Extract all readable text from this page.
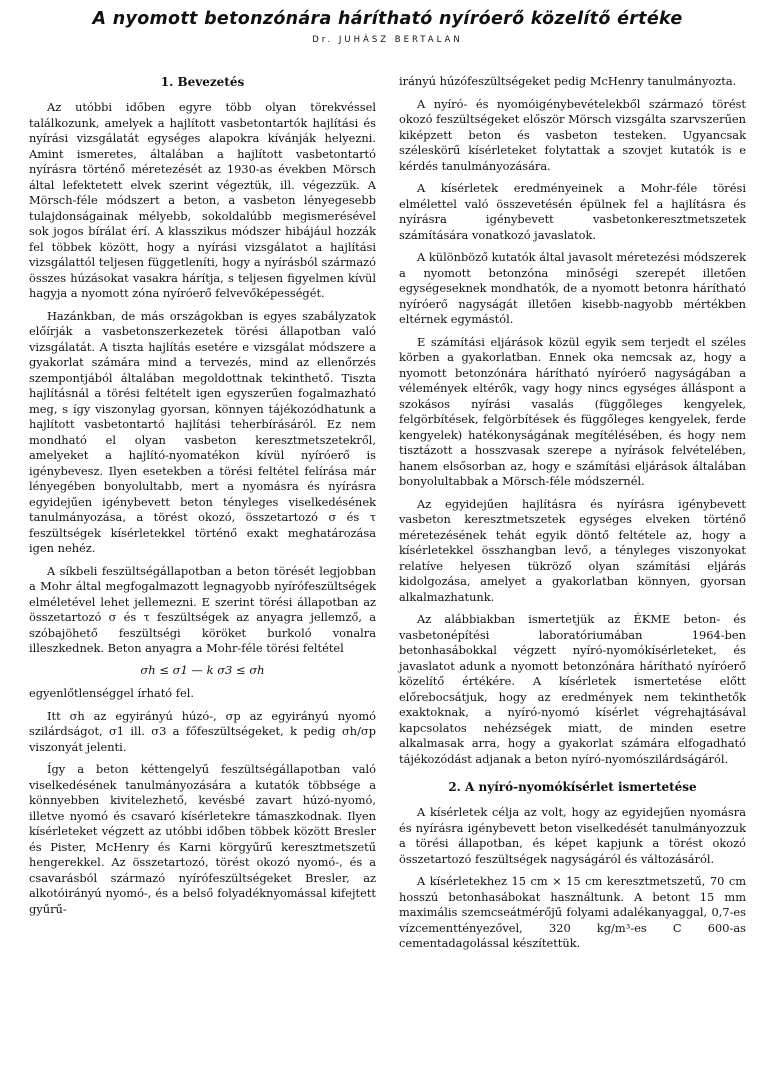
A nyomott betonzónára hárítható nyíróerő közelítő értéke
Dr. JUHÁSZ BERTALAN
1. Bevezetés

Az utóbbi időben egyre több olyan törekvéssel találkozunk, amelyek a hajlított vasbetontartók hajlítási és nyírási vizsgálatát egységes alapokra kívánják helyezni. Amint ismeretes, általában a hajlított vasbetontartó nyírásra történő méretezését az 1930-as években Mörsch által lefektetett elvek szerint végeztük, ill. végezzük. A Mörsch-féle módszert a beton, a vasbeton lényegesebb tulajdonságainak mélyebb, sokoldalúbb megismerésével sok jogos bírálat érí. A klasszikus módszer hibájául hozzák fel többek között, hogy a nyírási vizsgálatot a hajlítási vizsgálattól teljesen függetleníti, hogy a nyírásból származó összes húzásokat vasakra hárítja, s teljesen figyelmen kívül hagyja a nyomott zóna nyíróerő felvevőképességét.

Hazánkban, de más országokban is egyes szabályzatok előírják a vasbetonszerkezetek törési állapotban való vizsgálatát. A tiszta hajlítás esetére e vizsgálat módszere a gyakorlat számára mind a tervezés, mind az ellenőrzés szempontjából általában megoldottnak tekinthető. Tiszta hajlításnál a törési feltételt igen egyszerűen fogalmazható meg, s így viszonylag gyorsan, könnyen tájékozódhatunk a hajlított vasbetontartó hajlítási teherbírásáról. Ez nem mondható el olyan vasbeton keresztmetszetekről, amelyeket a hajlító-nyomatékon kívül nyíróerő is igénybevesz. Ilyen esetekben a törési feltétel felírása már lényegében bonyolultabb, mert a nyomásra és nyírásra egyidejűen igénybevett beton tényleges viselkedésének tanulmányozása, a törést okozó, összetartozó σ és τ feszültségek kísérletekkel történő exakt meghatározása igen nehéz.

A síkbeli feszültségállapotban a beton törését legjobban a Mohr által megfogalmazott legnagyobb nyírófeszültségek elméletével lehet jellemezni. E szerint törési állapotban az összetartozó σ és τ feszültségek az anyagra jellemző, a szóbajöhető feszültségi köröket burkoló vonalra illeszkednek. Beton anyagra a Mohr-féle törési feltétel

σh ≤ σ1 — k σ3 ≤ σh

egyenlőtlenséggel írható fel.

Itt σh az egyirányú húzó-, σp az egyirányú nyomó szilárdságot, σ1 ill. σ3 a főfeszültségeket, k pedig σh/σp viszonyát jelenti.

Így a beton kéttengelyű feszültségállapotban való viselkedésének tanulmányozására a kutatók többsége a könnyebben kivitelezhető, kevésbé zavart húzó-nyomó, illetve nyomó és csavaró kísérletekre támaszkodnak. Ilyen kísérleteket végzett az utóbbi időben többek között Bresler és Pister, McHenry és Karni körgyűrű keresztmetszetű hengerekkel. Az összetartozó, törést okozó nyomó-, és a csavarásból származó nyírófeszültségeket Bresler, az alkotóirányú nyomó-, és a belső folyadéknyomással kifejtett gyűrű-

irányú húzófeszültségeket pedig McHenry tanulmányozta.

A nyíró- és nyomóigénybevételekből származó törést okozó feszültségeket először Mörsch vizsgálta szarvszerűen kiképzett beton és vasbeton testeken. Ugyancsak széleskörű kísérleteket folytattak a szovjet kutatók is e kérdés tanulmányozására.

A kísérletek eredményeinek a Mohr-féle törési elmélettel való összevetésén épülnek fel a hajlításra és nyírásra igénybevett vasbetonkeresztmetszetek számítására vonatkozó javaslatok.

A különböző kutatók által javasolt méretezési módszerek a nyomott betonzóna minőségi szerepét illetően egységeseknek mondhatók, de a nyomott betonra hárítható nyíróerő nagyságát illetően kisebb-nagyobb mértékben eltérnek egymástól.

E számítási eljárások közül egyik sem terjedt el széles körben a gyakorlatban. Ennek oka nemcsak az, hogy a nyomott betonzónára hárítható nyíróerő nagyságában a vélemények eltérők, vagy hogy nincs egységes álláspont a szokásos nyírási vasalás (függőleges kengyelek, felgörbítések, felgörbítések és függőleges kengyelek, ferde kengyelek) hatékonyságának megítélésében, és hogy nem tisztázott a hosszvasak szerepe a nyírások felvételében, hanem elsősorban az, hogy e számítási eljárások általában bonyolultabbak a Mörsch-féle módszernél.

Az egyidejűen hajlításra és nyírásra igénybevett vasbeton keresztmetszetek egységes elveken történő méretezésének tehát egyik döntő feltétele az, hogy a kísérletekkel összhangban levő, a tényleges viszonyokat relatíve helyesen tükröző olyan számítási eljárás kidolgozása, amelyet a gyakorlatban könnyen, gyorsan alkalmazhatunk.

Az alábbiakban ismertetjük az ÉKME beton- és vasbetonépítési laboratóriumában 1964-ben betonhasábokkal végzett nyíró-nyomókísérleteket, és javaslatot adunk a nyomott betonzónára hárítható nyíróerő közelítő értékére. A kísérletek ismertetése előtt előrebocsátjuk, hogy az eredmények nem tekinthetők exaktoknak, a nyíró-nyomó kísérlet végrehajtásával kapcsolatos nehézségek miatt, de minden esetre alkalmasak arra, hogy a gyakorlat számára elfogadható tájékozódást adjanak a beton nyíró-nyomószilárdságáról.

2. A nyíró-nyomókísérlet ismertetése

A kísérletek célja az volt, hogy az egyidejűen nyomásra és nyírásra igénybevett beton viselkedését tanulmányozzuk a törési állapotban, és képet kapjunk a törést okozó összetartozó feszültségek nagyságáról és változásáról.

A kísérletekhez 15 cm × 15 cm keresztmetszetű, 70 cm hosszú betonhasábokat használtunk. A betont 15 mm maximális szemcseátmérőjű folyami adalékanyaggal, 0,7-es vízcementtényezővel, 320 kg/m³-es C 600-as cementadagolással készítettük.
